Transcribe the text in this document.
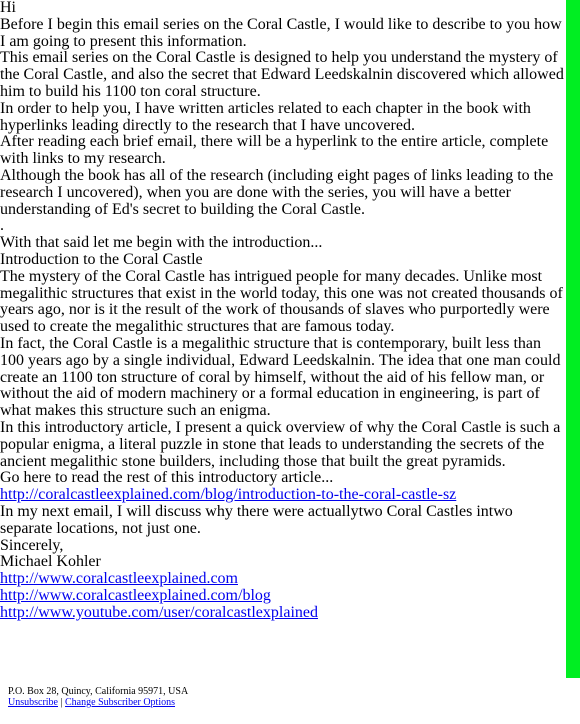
Hi

Before I begin this email series on the Coral Castle, I would like to describe to you how I am going to present this information.

This email series on the Coral Castle is designed to help you understand the mystery of the Coral Castle, and also the secret that Edward Leedskalnin discovered which allowed him to build his 1100 ton coral structure.

In order to help you, I have written articles related to each chapter in the book with hyperlinks leading directly to the research that I have uncovered.

After reading each brief email, there will be a hyperlink to the entire article, complete with links to my research.

Although the book has all of the research (including eight pages of links leading to the research I uncovered), when you are done with the series, you will have a better understanding of Ed's secret to building the Coral Castle.

.

With that said let me begin with the introduction...

Introduction to the Coral Castle

The mystery of the Coral Castle has intrigued people for many decades. Unlike most megalithic structures that exist in the world today, this one was not created thousands of years ago, nor is it the result of the work of thousands of slaves who purportedly were used to create the megalithic structures that are famous today.

In fact, the Coral Castle is a megalithic structure that is contemporary, built less than 100 years ago by a single individual, Edward Leedskalnin. The idea that one man could create an 1100 ton structure of coral by himself, without the aid of his fellow man, or without the aid of modern machinery or a formal education in engineering, is part of what makes this structure such an enigma.

In this introductory article, I present a quick overview of why the Coral Castle is such a popular enigma, a literal puzzle in stone that leads to understanding the secrets of the ancient megalithic stone builders, including those that built the great pyramids.

Go here to read the rest of this introductory article...

http://coralcastleexplained.com/blog/introduction-to-the-coral-castle-sz

In my next email, I will discuss why there were actuallytwo Coral Castles intwo separate locations, not just one.

Sincerely,

Michael Kohler

http://www.coralcastleexplained.com

http://www.coralcastleexplained.com/blog

http://www.youtube.com/user/coralcastlexplained

P.O. Box 28, Quincy, California 95971, USA
Unsubscribe | Change Subscriber Options
